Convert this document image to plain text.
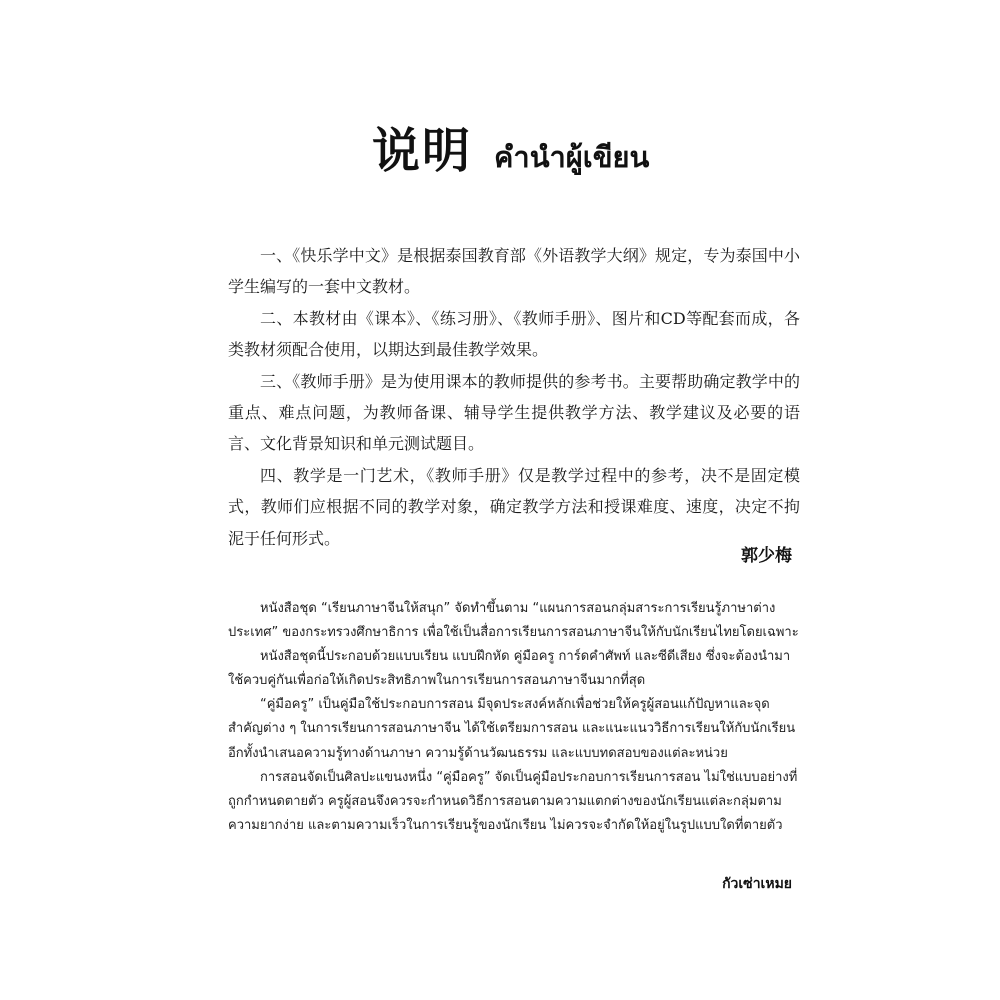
说明 คำนำผู้เขียน

一、《快乐学中文》是根据泰国教育部《外语教学大纲》规定，专为泰国中小学生编写的一套中文教材。

二、本教材由《课本》、《练习册》、《教师手册》、图片和CD等配套而成，各类教材须配合使用，以期达到最佳教学效果。

三、《教师手册》是为使用课本的教师提供的参考书。主要帮助确定教学中的重点、难点问题，为教师备课、辅导学生提供教学方法、教学建议及必要的语言、文化背景知识和单元测试题目。

四、教学是一门艺术，《教师手册》仅是教学过程中的参考，决不是固定模式，教师们应根据不同的教学对象，确定教学方法和授课难度、速度，决定不拘泥于任何形式。

郭少梅

หนังสือชุด “เรียนภาษาจีนให้สนุก” จัดทำขึ้นตาม “แผนการสอนกลุ่มสาระการเรียนรู้ภาษาต่างประเทศ” ของกระทรวงศึกษาธิการ เพื่อใช้เป็นสื่อการเรียนการสอนภาษาจีนให้กับนักเรียนไทยโดยเฉพาะ

หนังสือชุดนี้ประกอบด้วยแบบเรียน แบบฝึกหัด คู่มือครู การ์ดคำศัพท์ และซีดีเสียง ซึ่งจะต้องนำมาใช้ควบคู่กันเพื่อก่อให้เกิดประสิทธิภาพในการเรียนการสอนภาษาจีนมากที่สุด

“คู่มือครู” เป็นคู่มือใช้ประกอบการสอน มีจุดประสงค์หลักเพื่อช่วยให้ครูผู้สอนแก้ปัญหาและจุดสำคัญต่าง ๆ ในการเรียนการสอนภาษาจีน ได้ใช้เตรียมการสอน และแนะแนววิธีการเรียนให้กับนักเรียน อีกทั้งนำเสนอความรู้ทางด้านภาษา ความรู้ด้านวัฒนธรรม และแบบทดสอบของแต่ละหน่วย

การสอนจัดเป็นศิลปะแขนงหนึ่ง “คู่มือครู” จัดเป็นคู่มือประกอบการเรียนการสอน ไม่ใช่แบบอย่างที่ถูกกำหนดตายตัว ครูผู้สอนจึงควรจะกำหนดวิธีการสอนตามความแตกต่างของนักเรียนแต่ละกลุ่มตามความยากง่าย และตามความเร็วในการเรียนรู้ของนักเรียน ไม่ควรจะจำกัดให้อยู่ในรูปแบบใดที่ตายตัว

กัวเซ่าเหมย
